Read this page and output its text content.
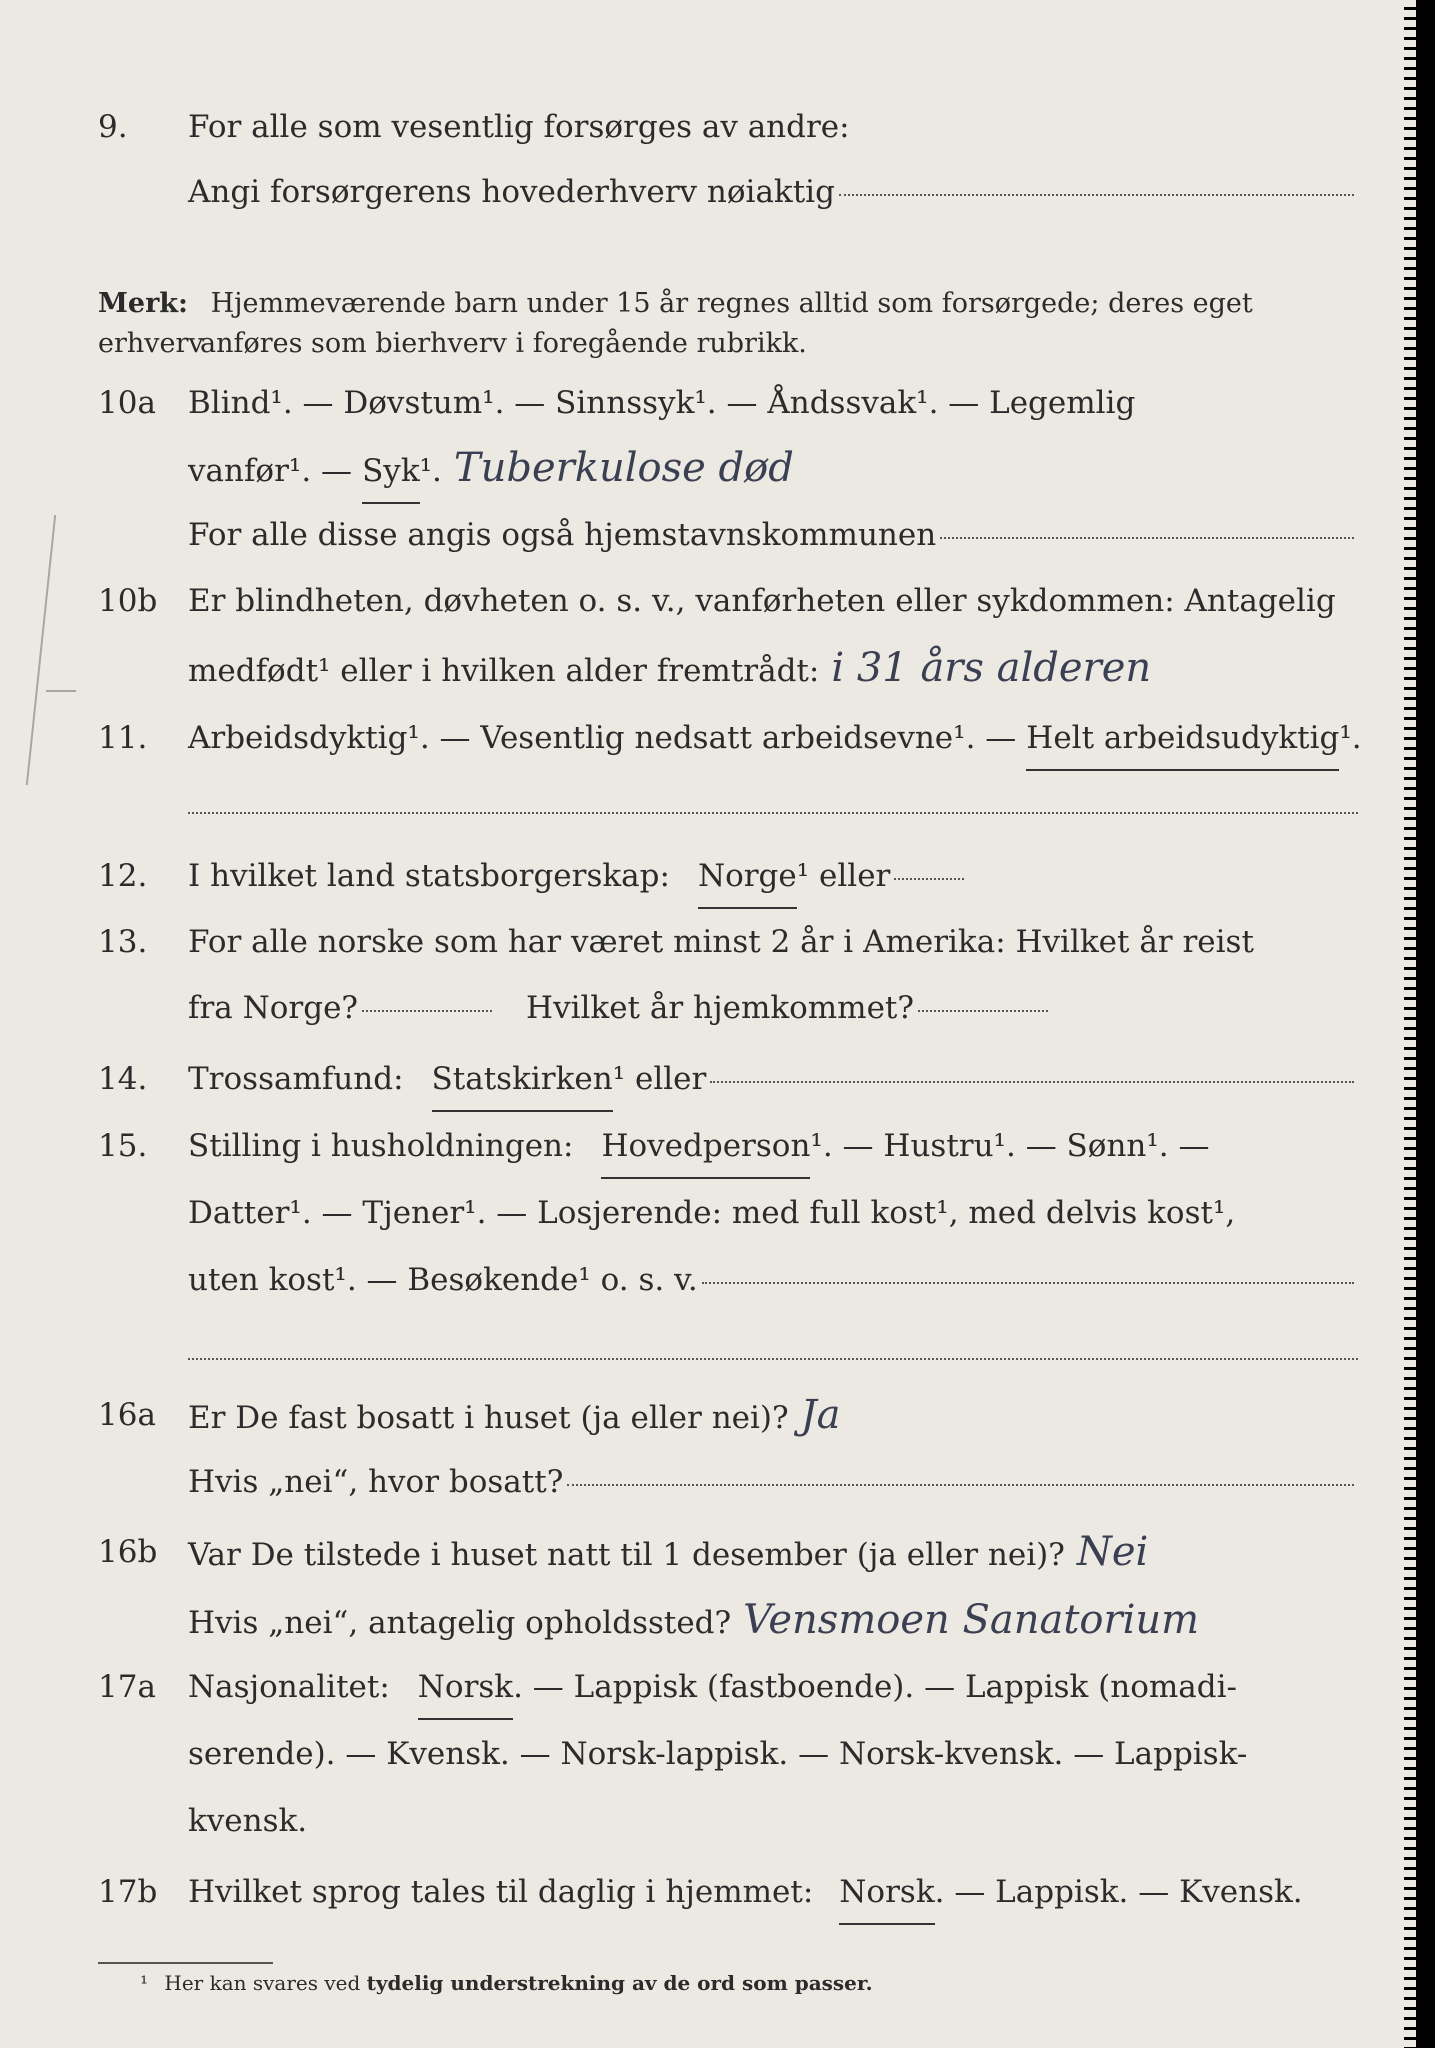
9. For alle som vesentlig forsørges av andre:
Angi forsørgerens hovederhverv nøiaktig
Merk: Hjemmeværende barn under 15 år regnes alltid som forsørgede; deres eget erhverv
anføres som bierhverv i foregående rubrikk.
10a Blind¹. — Døvstum¹. — Sinnssyk¹. — Åndssvak¹. — Legemlig
vanfør¹. — Syk ¹. Tuberkulose død
For alle disse angis også hjemstavnskommunen
10b Er blindheten, døvheten o. s. v., vanførheten eller sykdommen: Antagelig
medfødt¹ eller i hvilken alder fremtrådt: i 31 års alderen
11. Arbeidsdyktig¹. — Vesentlig nedsatt arbeidsevne¹. — Helt arbeidsudyktig ¹.
12. I hvilket land statsborgerskap: Norge ¹ eller
13. For alle norske som har været minst 2 år i Amerika: Hvilket år reist
fra Norge?	Hvilket år hjemkommet?
14. Trossamfund: Statskirken ¹ eller
15. Stilling i husholdningen: Hovedperson ¹. — Hustru¹. — Sønn¹. —
Datter¹. — Tjener¹. — Losjerende: med full kost¹, med delvis kost¹,
uten kost¹. — Besøkende¹ o. s. v.
16a Er De fast bosatt i huset (ja eller nei)? Ja
Hvis „nei“, hvor bosatt?
16b Var De tilstede i huset natt til 1 desember (ja eller nei)? Nei
Hvis „nei“, antagelig opholdssted? Vensmoen Sanatorium
17a Nasjonalitet: Norsk . — Lappisk (fastboende). — Lappisk (nomadi-
serende). — Kvensk. — Norsk-lappisk. — Norsk-kvensk. — Lappisk-
kvensk.
17b Hvilket sprog tales til daglig i hjemmet: Norsk . — Lappisk. — Kvensk.
¹ Her kan svares ved tydelig understrekning av de ord som passer.
